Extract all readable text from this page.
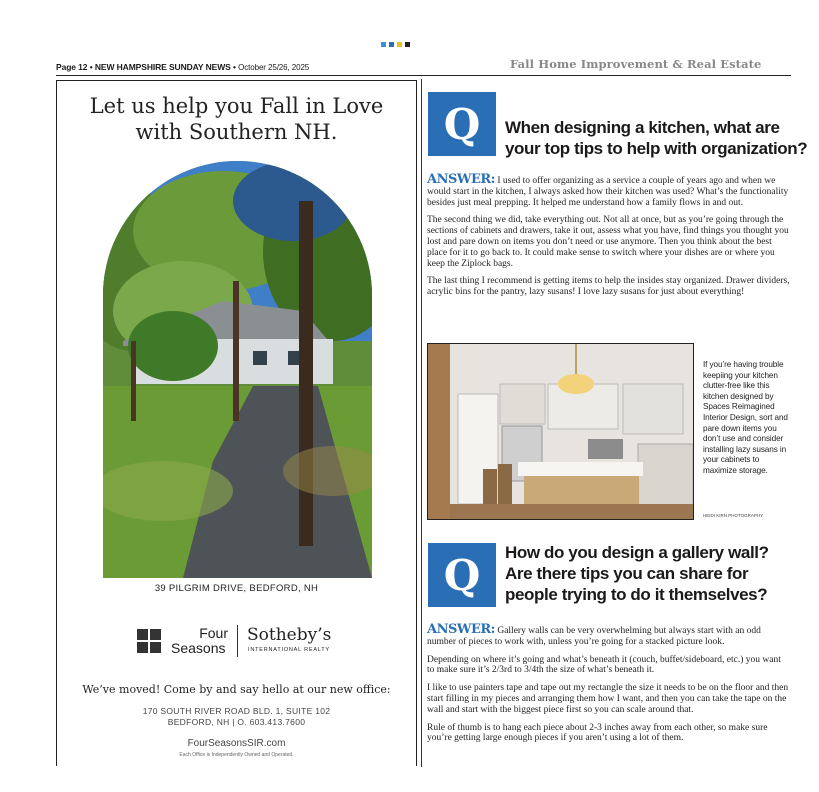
Page 12 • NEW HAMPSHIRE SUNDAY NEWS • October 25/26, 2025	Fall Home Improvement & Real Estate
Let us help you Fall in Love
with Southern NH.
39 PILGRIM DRIVE, BEDFORD, NH
Four
Seasons
Sotheby’s
INTERNATIONAL REALTY
We’ve moved! Come by and say hello at our new office:
170 SOUTH RIVER ROAD BLD. 1, SUITE 102
BEDFORD, NH | O. 603.413.7600
FourSeasonsSIR.com
Each Office is Independently Owned and Operated.
Q	When designing a kitchen, what are
your top tips to help with organization?

ANSWER: I used to offer organizing as a service a couple of years ago and when we would start in the kitchen, I always asked how their kitchen was used? What’s the functionality besides just meal prepping. It helped me understand how a family flows in and out.

The second thing we did, take everything out. Not all at once, but as you’re going through the sections of cabinets and drawers, take it out, assess what you have, find things you thought you lost and pare down on items you don’t need or use anymore. Then you think about the best place for it to go back to. It could make sense to switch where your dishes are or where you keep the Ziplock bags.

The last thing I recommend is getting items to help the insides stay organized. Drawer dividers, acrylic bins for the pantry, lazy susans! I love lazy susans for just about everything!

If you’re having trouble keepiing your kitchen clutter-free like this kitchen designed by Spaces Reimagined Interior Design, sort and pare down items you don’t use and consider installing lazy susans in your cabinets to maximize storage.
HEIDI KIRN PHOTOGRAPHY
Q	How do you design a gallery wall?
Are there tips you can share for
people trying to do it themselves?

ANSWER: Gallery walls can be very overwhelming but always start with an odd number of pieces to work with, unless you’re going for a stacked picture look.

Depending on where it’s going and what’s beneath it (couch, buffet/sideboard, etc.) you want to make sure it’s 2/3rd to 3/4th the size of what’s beneath it.

I like to use painters tape and tape out my rectangle the size it needs to be on the floor and then start filling in my pieces and arranging them how I want, and then you can take the tape on the wall and start with the biggest piece first so you can scale around that.

Rule of thumb is to hang each piece about 2-3 inches away from each other, so make sure you’re getting large enough pieces if you aren’t using a lot of them.
